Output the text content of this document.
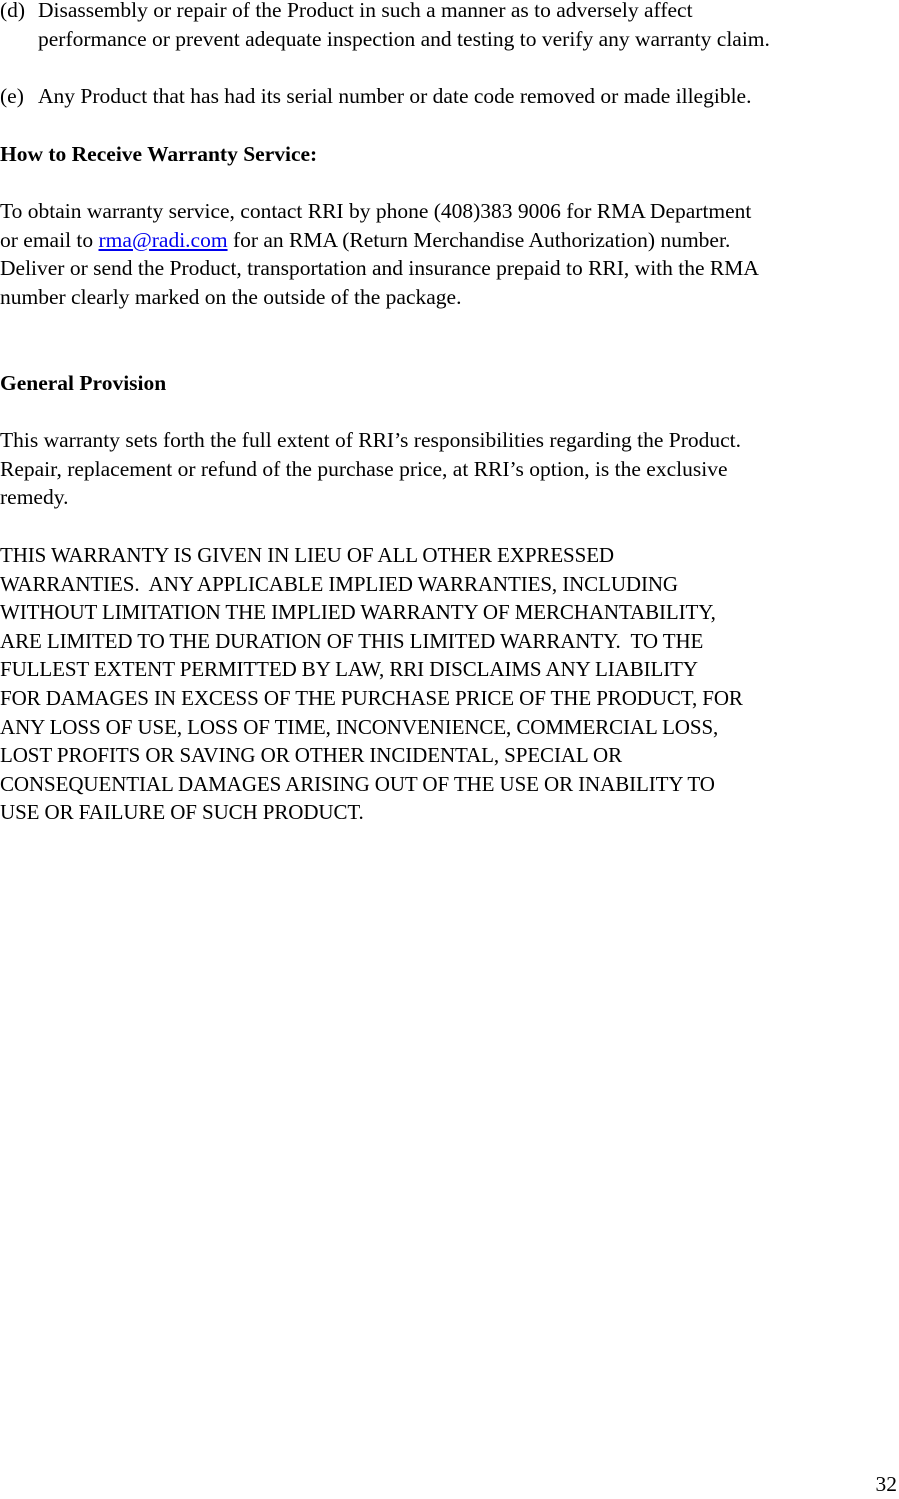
(d) Disassembly or repair of the Product in such a manner as to adversely affect
performance or prevent adequate inspection and testing to verify any warranty claim.
(e) Any Product that has had its serial number or date code removed or made illegible.
How to Receive Warranty Service:
To obtain warranty service, contact RRI by phone (408)383 9006 for RMA Department
or email to rma@radi.com for an RMA (Return Merchandise Authorization) number.
Deliver or send the Product, transportation and insurance prepaid to RRI, with the RMA
number clearly marked on the outside of the package.
General Provision
This warranty sets forth the full extent of RRI’s responsibilities regarding the Product.
Repair, replacement or refund of the purchase price, at RRI’s option, is the exclusive
remedy.
THIS WARRANTY IS GIVEN IN LIEU OF ALL OTHER EXPRESSED
WARRANTIES.  ANY APPLICABLE IMPLIED WARRANTIES, INCLUDING
WITHOUT LIMITATION THE IMPLIED WARRANTY OF MERCHANTABILITY,
ARE LIMITED TO THE DURATION OF THIS LIMITED WARRANTY.  TO THE
FULLEST EXTENT PERMITTED BY LAW, RRI DISCLAIMS ANY LIABILITY
FOR DAMAGES IN EXCESS OF THE PURCHASE PRICE OF THE PRODUCT, FOR
ANY LOSS OF USE, LOSS OF TIME, INCONVENIENCE, COMMERCIAL LOSS,
LOST PROFITS OR SAVING OR OTHER INCIDENTAL, SPECIAL OR
CONSEQUENTIAL DAMAGES ARISING OUT OF THE USE OR INABILITY TO
USE OR FAILURE OF SUCH PRODUCT.
32
